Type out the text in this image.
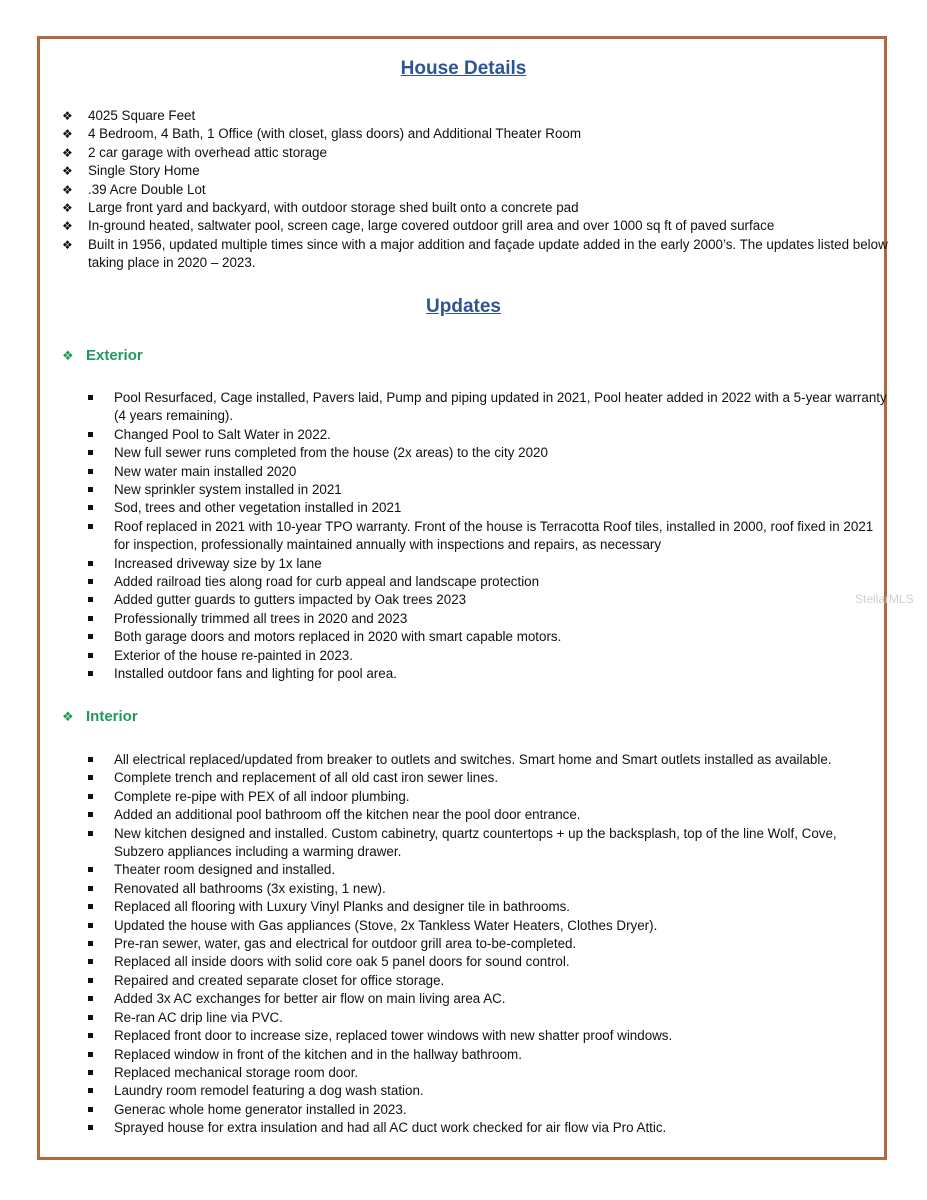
House Details
❖ 4025 Square Feet
❖ 4 Bedroom, 4 Bath, 1 Office (with closet, glass doors) and Additional Theater Room
❖ 2 car garage with overhead attic storage
❖ Single Story Home
❖ .39 Acre Double Lot
❖ Large front yard and backyard, with outdoor storage shed built onto a concrete pad
❖ In-ground heated, saltwater pool, screen cage, large covered outdoor grill area and over 1000 sq ft of paved surface
❖ Built in 1956, updated multiple times since with a major addition and façade update added in the early 2000’s. The updates listed below taking place in 2020 – 2023.
Updates
❖ Exterior
Pool Resurfaced, Cage installed, Pavers laid, Pump and piping updated in 2021, Pool heater added in 2022 with a 5-year warranty (4 years remaining).
Changed Pool to Salt Water in 2022.
New full sewer runs completed from the house (2x areas) to the city 2020
New water main installed 2020
New sprinkler system installed in 2021
Sod, trees and other vegetation installed in 2021
Roof replaced in 2021 with 10-year TPO warranty. Front of the house is Terracotta Roof tiles, installed in 2000, roof fixed in 2021 for inspection, professionally maintained annually with inspections and repairs, as necessary
Increased driveway size by 1x lane
Added railroad ties along road for curb appeal and landscape protection
Added gutter guards to gutters impacted by Oak trees 2023
Professionally trimmed all trees in 2020 and 2023
Both garage doors and motors replaced in 2020 with smart capable motors.
Exterior of the house re-painted in 2023.
Installed outdoor fans and lighting for pool area.
❖ Interior
All electrical replaced/updated from breaker to outlets and switches. Smart home and Smart outlets installed as available.
Complete trench and replacement of all old cast iron sewer lines.
Complete re-pipe with PEX of all indoor plumbing.
Added an additional pool bathroom off the kitchen near the pool door entrance.
New kitchen designed and installed. Custom cabinetry, quartz countertops + up the backsplash, top of the line Wolf, Cove, Subzero appliances including a warming drawer.
Theater room designed and installed.
Renovated all bathrooms (3x existing, 1 new).
Replaced all flooring with Luxury Vinyl Planks and designer tile in bathrooms.
Updated the house with Gas appliances (Stove, 2x Tankless Water Heaters, Clothes Dryer).
Pre-ran sewer, water, gas and electrical for outdoor grill area to-be-completed.
Replaced all inside doors with solid core oak 5 panel doors for sound control.
Repaired and created separate closet for office storage.
Added 3x AC exchanges for better air flow on main living area AC.
Re-ran AC drip line via PVC.
Replaced front door to increase size, replaced tower windows with new shatter proof windows.
Replaced window in front of the kitchen and in the hallway bathroom.
Replaced mechanical storage room door.
Laundry room remodel featuring a dog wash station.
Generac whole home generator installed in 2023.
Sprayed house for extra insulation and had all AC duct work checked for air flow via Pro Attic.
StellarMLS
